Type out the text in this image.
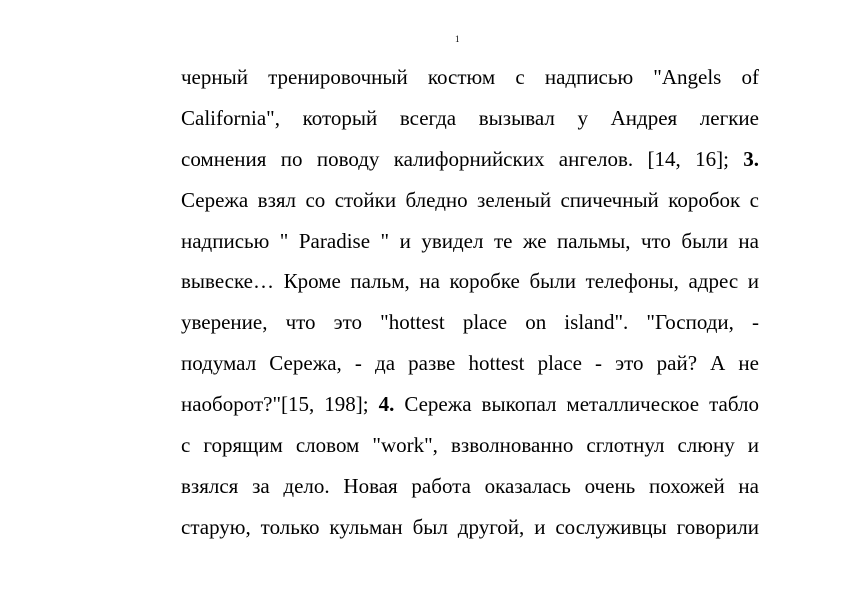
1
черный тренировочный костюм с надписью "Angels of
California", который всегда вызывал у Андрея легкие
сомнения по поводу калифорнийских ангелов. [14, 16]; 3.
Сережа взял со стойки бледно зеленый спичечный коробок с
надписью " Paradise " и увидел те же пальмы, что были на
вывеске… Кроме пальм, на коробке были телефоны, адрес и
уверение, что это "hottest place on island". "Господи, -
подумал Сережа, - да разве hottest place - это рай? А не
наоборот?"[15, 198]; 4. Сережа выкопал металлическое табло
с горящим словом "work", взволнованно сглотнул слюну и
взялся за дело. Новая работа оказалась очень похожей на
старую, только кульман был другой, и сослуживцы говорили
